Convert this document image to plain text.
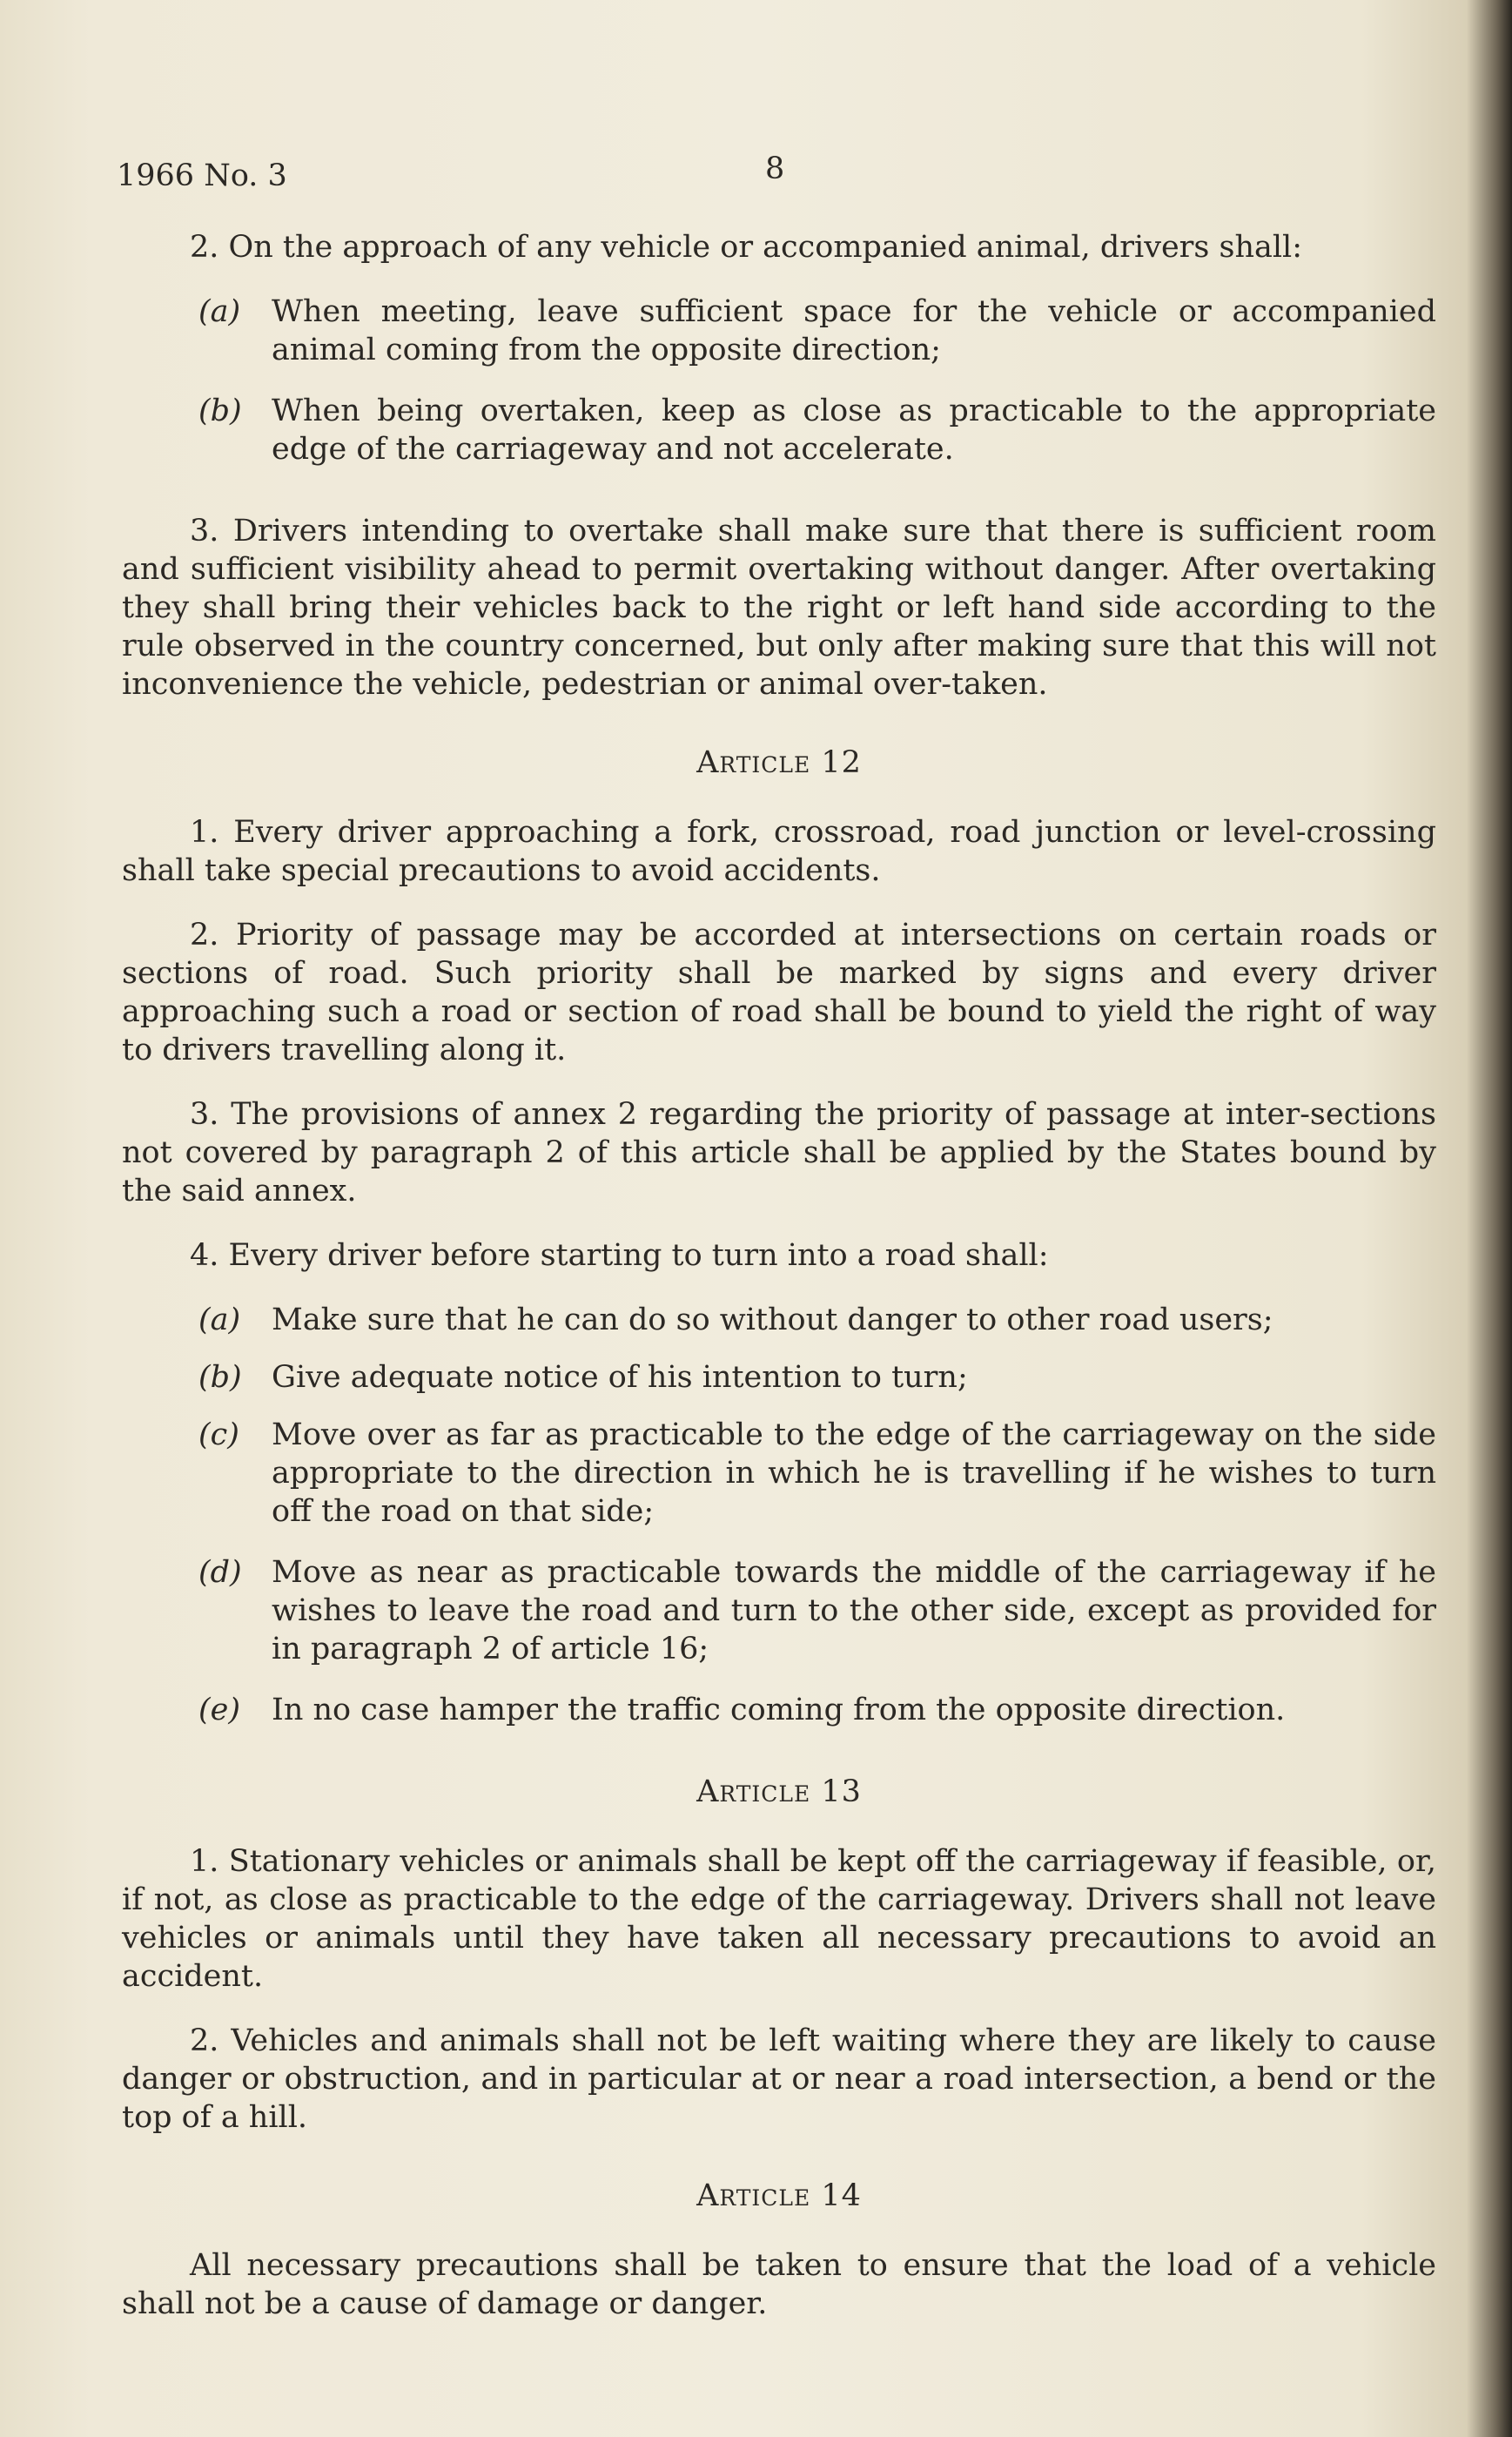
1966 No. 3	8

2. On the approach of any vehicle or accompanied animal, drivers shall:

(a)	When meeting, leave sufficient space for the vehicle or accompanied animal coming from the opposite direction;
(b) When being overtaken, keep as close as practicable to the appropriate edge of the carriageway and not accelerate.

3. Drivers intending to overtake shall make sure that there is sufficient room and sufficient visibility ahead to permit overtaking without danger. After overtaking they shall bring their vehicles back to the right or left hand side according to the rule observed in the country concerned, but only after making sure that this will not inconvenience the vehicle, pedestrian or animal over-taken.

Article 12

1. Every driver approaching a fork, crossroad, road junction or level-crossing shall take special precautions to avoid accidents.

2. Priority of passage may be accorded at intersections on certain roads or sections of road. Such priority shall be marked by signs and every driver approaching such a road or section of road shall be bound to yield the right of way to drivers travelling along it.

3. The provisions of annex 2 regarding the priority of passage at inter-sections not covered by paragraph 2 of this article shall be applied by the States bound by the said annex.

4. Every driver before starting to turn into a road shall:

(a)	Make sure that he can do so without danger to other road users;
(b) Give adequate notice of his intention to turn;
(c)	Move over as far as practicable to the edge of the carriageway on the side appropriate to the direction in which he is travelling if he wishes to turn off the road on that side;
(d) Move as near as practicable towards the middle of the carriageway if he wishes to leave the road and turn to the other side, except as provided for in paragraph 2 of article 16;
(e)	In no case hamper the traffic coming from the opposite direction.

Article 13

1. Stationary vehicles or animals shall be kept off the carriageway if feasible, or, if not, as close as practicable to the edge of the carriageway. Drivers shall not leave vehicles or animals until they have taken all necessary precautions to avoid an accident.

2. Vehicles and animals shall not be left waiting where they are likely to cause danger or obstruction, and in particular at or near a road intersection, a bend or the top of a hill.

Article 14

All necessary precautions shall be taken to ensure that the load of a vehicle shall not be a cause of damage or danger.
